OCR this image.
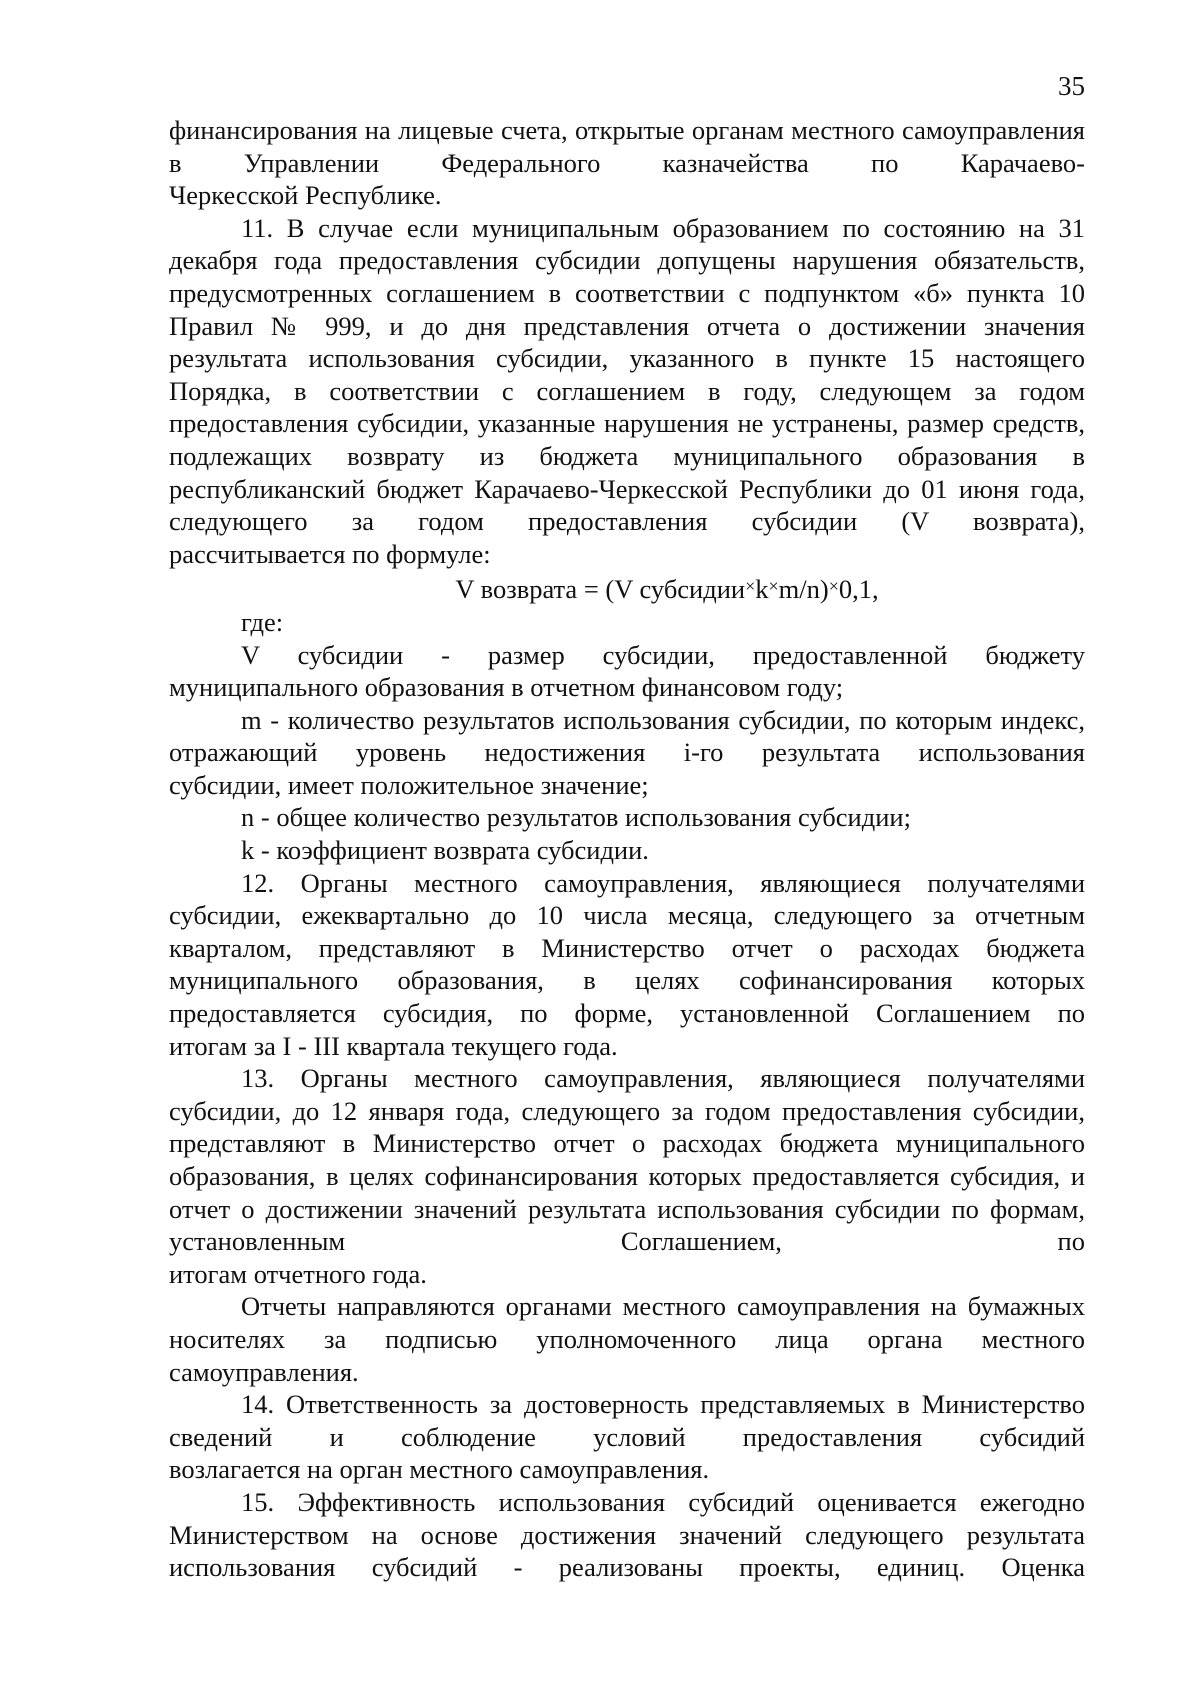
35

финансирования на лицевые счета, открытые органам местного самоуправления в Управлении Федерального казначейства по Карачаево-

Черкесской Республике.

11. В случае если муниципальным образованием по состоянию на 31 декабря года предоставления субсидии допущены нарушения обязательств, предусмотренных соглашением в соответствии с подпунктом «б» пункта 10 Правил № 999, и до дня представления отчета о достижении значения результата использования субсидии, указанного в пункте 15 настоящего Порядка, в соответствии с соглашением в году, следующем за годом предоставления субсидии, указанные нарушения не устранены, размер средств, подлежащих возврату из бюджета муниципального образования в республиканский бюджет Карачаево-Черкесской Республики до 01 июня года, следующего за годом предоставления субсидии (V возврата),

рассчитывается по формуле:

V возврата = (V субсидии×k×m/n)×0,1,

где:

V субсидии - размер субсидии, предоставленной бюджету

муниципального образования в отчетном финансовом году;

m - количество результатов использования субсидии, по которым индекс, отражающий уровень недостижения i-го результата использования

субсидии, имеет положительное значение;

n - общее количество результатов использования субсидии;

k - коэффициент возврата субсидии.

12. Органы местного самоуправления, являющиеся получателями субсидии, ежеквартально до 10 числа месяца, следующего за отчетным кварталом, представляют в Министерство отчет о расходах бюджета муниципального образования, в целях софинансирования которых предоставляется субсидия, по форме, установленной Соглашением по

итогам за I - III квартала текущего года.

13. Органы местного самоуправления, являющиеся получателями субсидии, до 12 января года, следующего за годом предоставления субсидии, представляют в Министерство отчет о расходах бюджета муниципального образования, в целях софинансирования которых предоставляется субсидия, и отчет о достижении значений результата использования субсидии по формам, установленным Соглашением, по

итогам отчетного года.

Отчеты направляются органами местного самоуправления на бумажных носителях за подписью уполномоченного лица органа местного

самоуправления.

14. Ответственность за достоверность представляемых в Министерство сведений и соблюдение условий предоставления субсидий

возлагается на орган местного самоуправления.

15. Эффективность использования субсидий оценивается ежегодно Министерством на основе достижения значений следующего результата использования субсидий - реализованы проекты, единиц. Оценка
